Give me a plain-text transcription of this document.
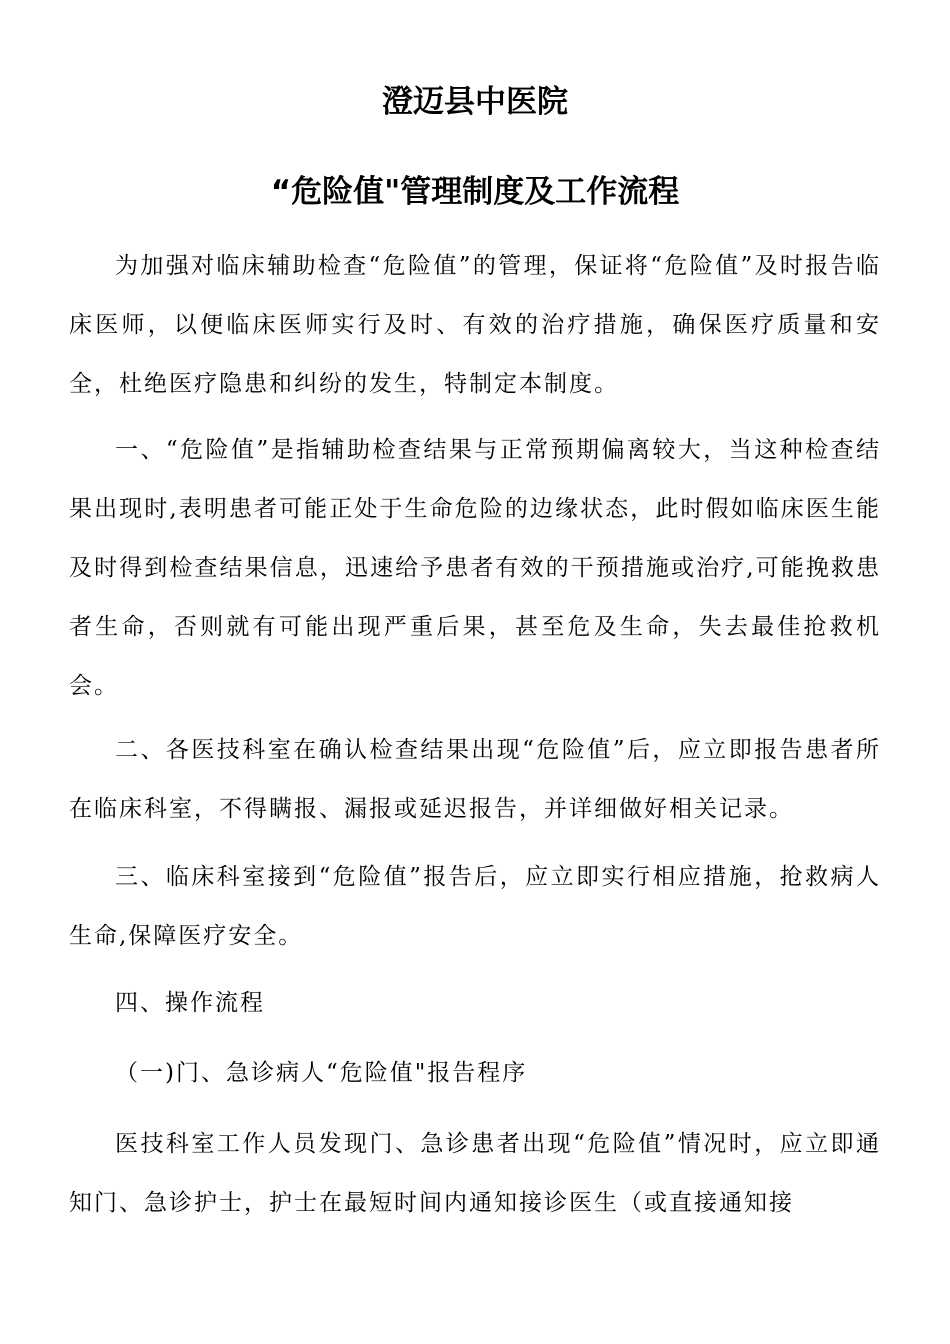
澄迈县中医院
“危险值"管理制度及工作流程

为加强对临床辅助检查“危险值”的管理，保证将“危险值”及时报告临床医师，以便临床医师实行及时、有效的治疗措施，确保医疗质量和安全，杜绝医疗隐患和纠纷的发生，特制定本制度。

一、“危险值”是指辅助检查结果与正常预期偏离较大，当这种检查结果出现时,表明患者可能正处于生命危险的边缘状态，此时假如临床医生能及时得到检查结果信息，迅速给予患者有效的干预措施或治疗,可能挽救患者生命，否则就有可能出现严重后果，甚至危及生命，失去最佳抢救机会。

二、各医技科室在确认检查结果出现“危险值”后，应立即报告患者所在临床科室，不得瞒报、漏报或延迟报告，并详细做好相关记录。

三、临床科室接到“危险值”报告后，应立即实行相应措施，抢救病人生命,保障医疗安全。

四、操作流程

（一)门、急诊病人“危险值"报告程序

医技科室工作人员发现门、急诊患者出现“危险值”情况时，应立即通知门、急诊护士，护士在最短时间内通知接诊医生（或直接通知接
